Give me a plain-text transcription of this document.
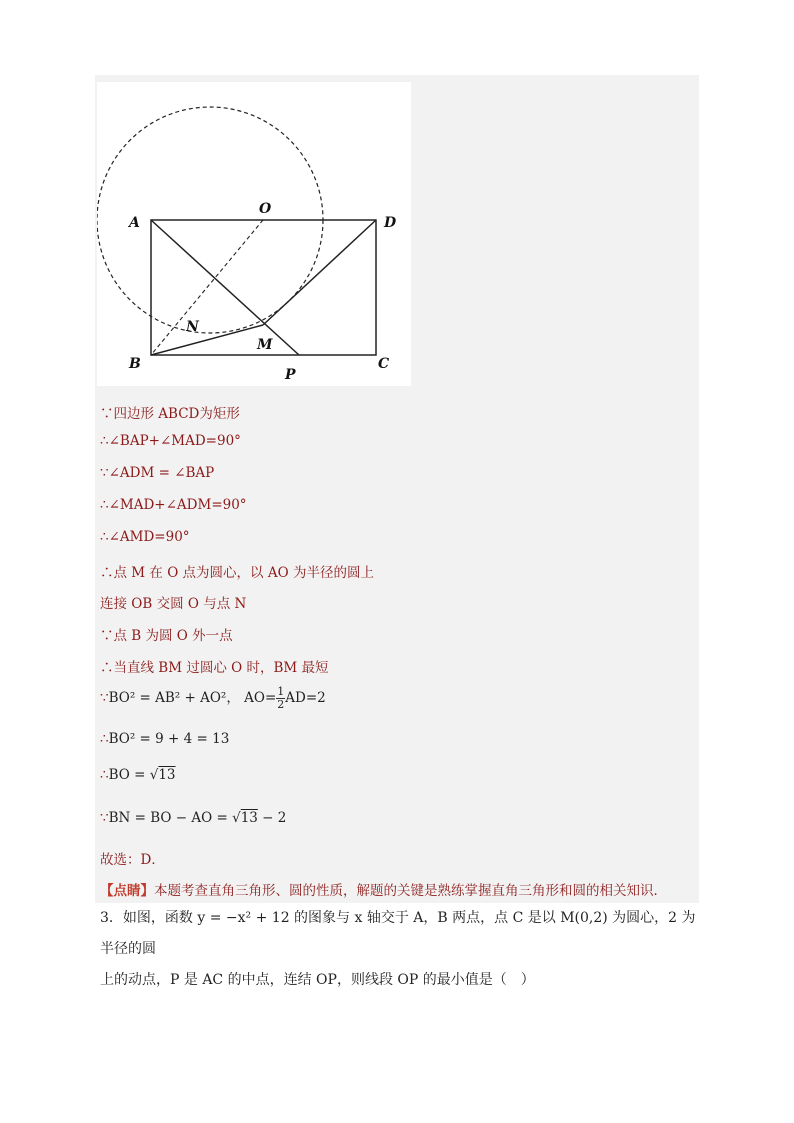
A	D
O
N
M
B
P
C
∵四边形 ABCD为矩形
∴∠BAP+∠MAD=90°
∵∠ADM = ∠BAP
∴∠MAD+∠ADM=90°
∴∠AMD=90°
∴点 M 在 O 点为圆心，以 AO 为半径的圆上
连接 OB 交圆 O 与点 N
∵点 B 为圆 O 外一点
∴当直线 BM 过圆心 O 时，BM 最短
∵BO² = AB² + AO²， $AO= \frac{1}{2} AD=2$
∴BO² = 9 + 4 = 13
∴BO = √13
∵BN = BO − AO = √13 − 2
故选：D．
【点睛】本题考查直角三角形、圆的性质，解题的关键是熟练掌握直角三角形和圆的相关知识．
3．如图，函数 y = −x² + 12 的图象与 x 轴交于 A，B 两点，点 C 是以 M(0,2) 为圆心，2 为半径的圆
上的动点，P 是 AC 的中点，连结 OP，则线段 OP 的最小值是（　）
